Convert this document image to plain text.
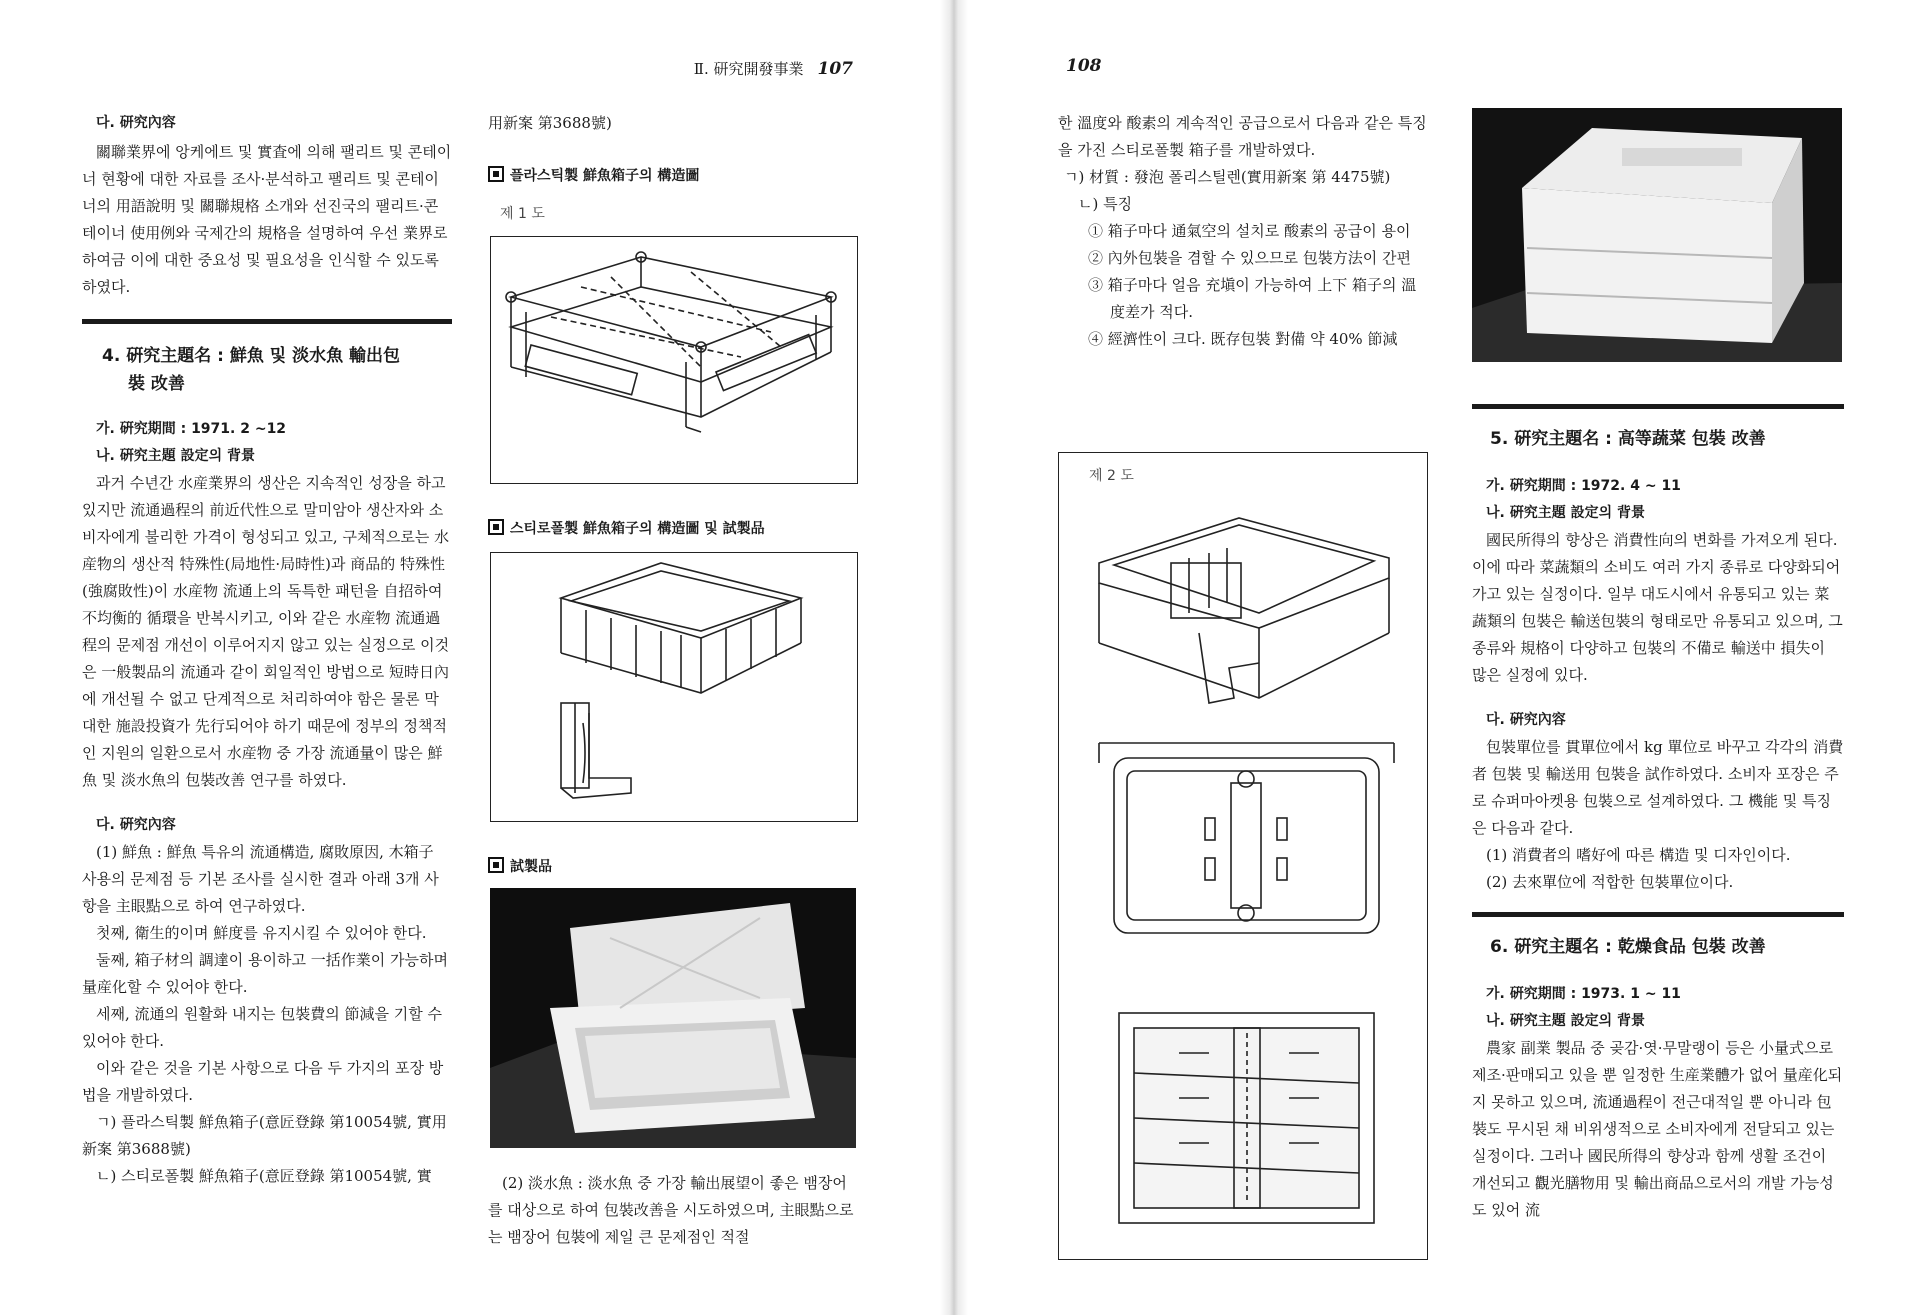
Ⅱ. 研究開發事業 107

다. 研究內容

關聯業界에 앙케에트 및 實査에 의해 팰리트 및 콘테이너 현황에 대한 자료를 조사·분석하고 팰리트 및 콘테이너의 用語說明 및 關聯規格 소개와 선진국의 팰리트·콘테이너 使用例와 국제간의 規格을 설명하여 우선 業界로 하여금 이에 대한 중요성 및 필요성을 인식할 수 있도록 하였다.

4. 硏究主題名 : 鮮魚 및 淡水魚 輸出包
裝 改善

가. 硏究期間 : 1971. 2 ~12

나. 硏究主題 設定의 背景

과거 수년간 水産業界의 생산은 지속적인 성장을 하고 있지만 流通過程의 前近代性으로 말미암아 생산자와 소비자에게 불리한 가격이 형성되고 있고, 구체적으로는 水産物의 생산적 特殊性(局地性·局時性)과 商品的 特殊性(強腐敗性)이 水産物 流通上의 독특한 패턴을 自招하여 不均衡的 循環을 반복시키고, 이와 같은 水産物 流通過程의 문제점 개선이 이루어지지 않고 있는 실정으로 이것은 一般製品의 流通과 같이 회일적인 방법으로 短時日內에 개선될 수 없고 단계적으로 처리하여야 함은 물론 막대한 施設投資가 先行되어야 하기 때문에 정부의 정책적인 지원의 일환으로서 水産物 중 가장 流通量이 많은 鮮魚 및 淡水魚의 包裝改善 연구를 하였다.

다. 硏究內容

(1) 鮮魚 : 鮮魚 특유의 流通構造, 腐敗原因, 木箱子 사용의 문제점 등 기본 조사를 실시한 결과 아래 3개 사항을 主眼點으로 하여 연구하였다.

첫째, 衛生的이며 鮮度를 유지시킬 수 있어야 한다.

둘째, 箱子材의 調達이 용이하고 一括作業이 가능하며 量産化할 수 있어야 한다.

세째, 流通의 원활화 내지는 包裝費의 節減을 기할 수 있어야 한다.

이와 같은 것을 기본 사항으로 다음 두 가지의 포장 방법을 개발하였다.

ㄱ) 플라스틱製 鮮魚箱子(意匠登錄 第10054號, 實用新案 第3688號)

ㄴ) 스티로폴製 鮮魚箱子(意匠登錄 第10054號, 實

用新案 第3688號)

플라스틱製 鮮魚箱子의 構造圖
제 1 도
스티로폴製 鮮魚箱子의 構造圖 및 試製品
試製品

(2) 淡水魚 : 淡水魚 중 가장 輸出展望이 좋은 뱀장어를 대상으로 하여 包裝改善을 시도하였으며, 主眼點으로는 뱀장어 包裝에 제일 큰 문제점인 적절

108

한 溫度와 酸素의 계속적인 공급으로서 다음과 같은 특징을 가진 스티로폴製 箱子를 개발하였다.

ㄱ) 材質 : 發泡 폴리스틸렌(實用新案 第 4475號)

ㄴ) 특징

① 箱子마다 通氣空의 설치로 酸素의 공급이 용이

② 內外包裝을 겸할 수 있으므로 包裝方法이 간편

③ 箱子마다 얼음 充塡이 가능하여 上下 箱子의 溫度差가 적다.

④ 經濟性이 크다. 既存包裝 對備 약 40% 節減

제 2 도
5. 硏究主題名 : 高等蔬菜 包裝 改善

가. 硏究期間 : 1972. 4 ~ 11

나. 硏究主題 設定의 背景

國民所得의 향상은 消費性向의 변화를 가져오게 된다. 이에 따라 菜蔬類의 소비도 여러 가지 종류로 다양화되어 가고 있는 실정이다. 일부 대도시에서 유통되고 있는 菜蔬類의 包裝은 輸送包裝의 형태로만 유통되고 있으며, 그 종류와 規格이 다양하고 包裝의 不備로 輸送中 損失이 많은 실정에 있다.

다. 硏究內容

包裝單位를 貫單位에서 kg 單位로 바꾸고 각각의 消費者 包裝 및 輸送用 包裝을 試作하였다. 소비자 포장은 주로 슈퍼마아켓용 包裝으로 설계하였다. 그 機能 및 특징은 다음과 같다.

(1) 消費者의 嗜好에 따른 構造 및 디자인이다.

(2) 去來單位에 적합한 包裝單位이다.

6. 硏究主題名 : 乾燥食品 包裝 改善

가. 硏究期間 : 1973. 1 ~ 11

나. 硏究主題 設定의 背景

農家 副業 製品 중 곶감·엿·무말랭이 등은 小量式으로 제조·판매되고 있을 뿐 일정한 生産業體가 없어 量産化되지 못하고 있으며, 流通過程이 전근대적일 뿐 아니라 包裝도 무시된 채 비위생적으로 소비자에게 전달되고 있는 실정이다. 그러나 國民所得의 향상과 함께 생활 조건이 개선되고 觀光膳物用 및 輸出商品으로서의 개발 가능성도 있어 流
